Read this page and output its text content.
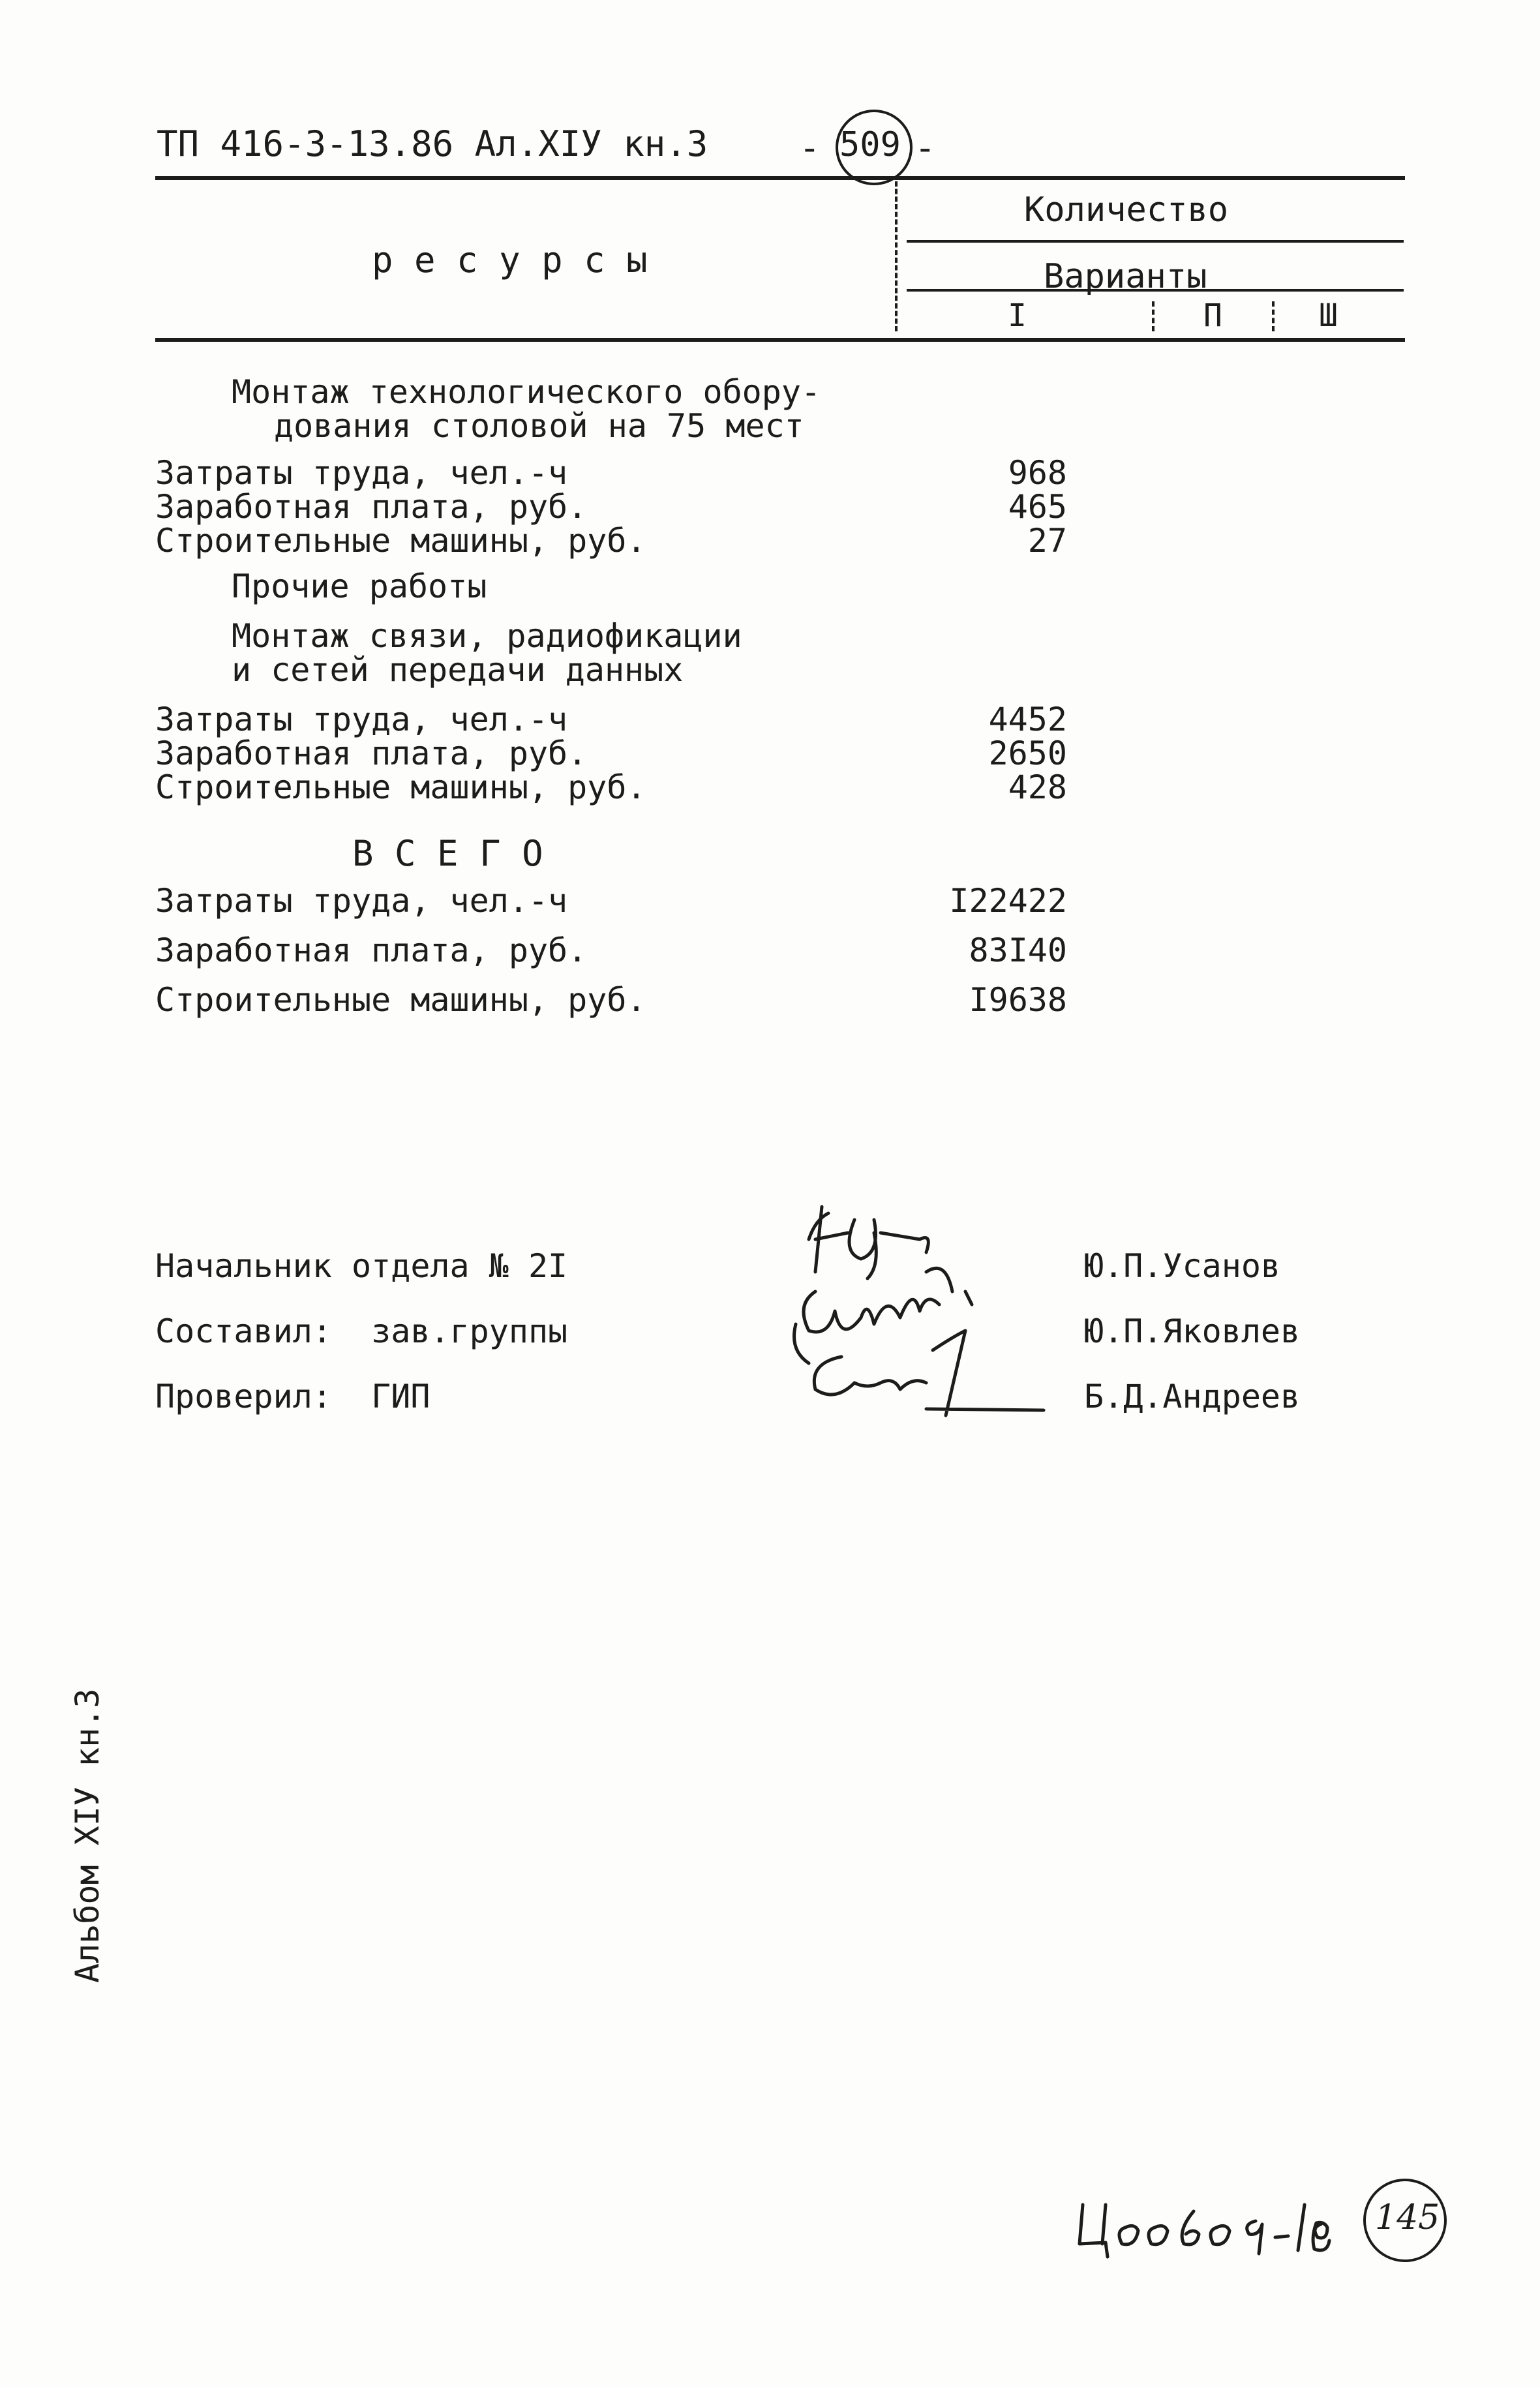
ТП 416-3-13.86 Ал.XIУ кн.3	- 509 -
р е с у р с ы
Количество
Варианты
I	П	Ш
Монтаж технологического обору-
дования столовой на 75 мест
Затраты труда, чел.-ч	968
Заработная плата, руб.	465
Строительные машины, руб.	27
Прочие работы
Монтаж связи, радиофикации
и сетей передачи данных
Затраты труда, чел.-ч	4452
Заработная плата, руб.	2650
Строительные машины, руб.	428
В С Е Г О
Затраты труда, чел.-ч	I22422
Заработная плата, руб.	83I40
Строительные машины, руб.	I9638
Начальник отдела № 2I	Ю.П.Усанов
Составил:  зав.группы	Ю.П.Яковлев
Проверил:  ГИП	Б.Д.Андреев
Альбом XIУ кн.3
145
